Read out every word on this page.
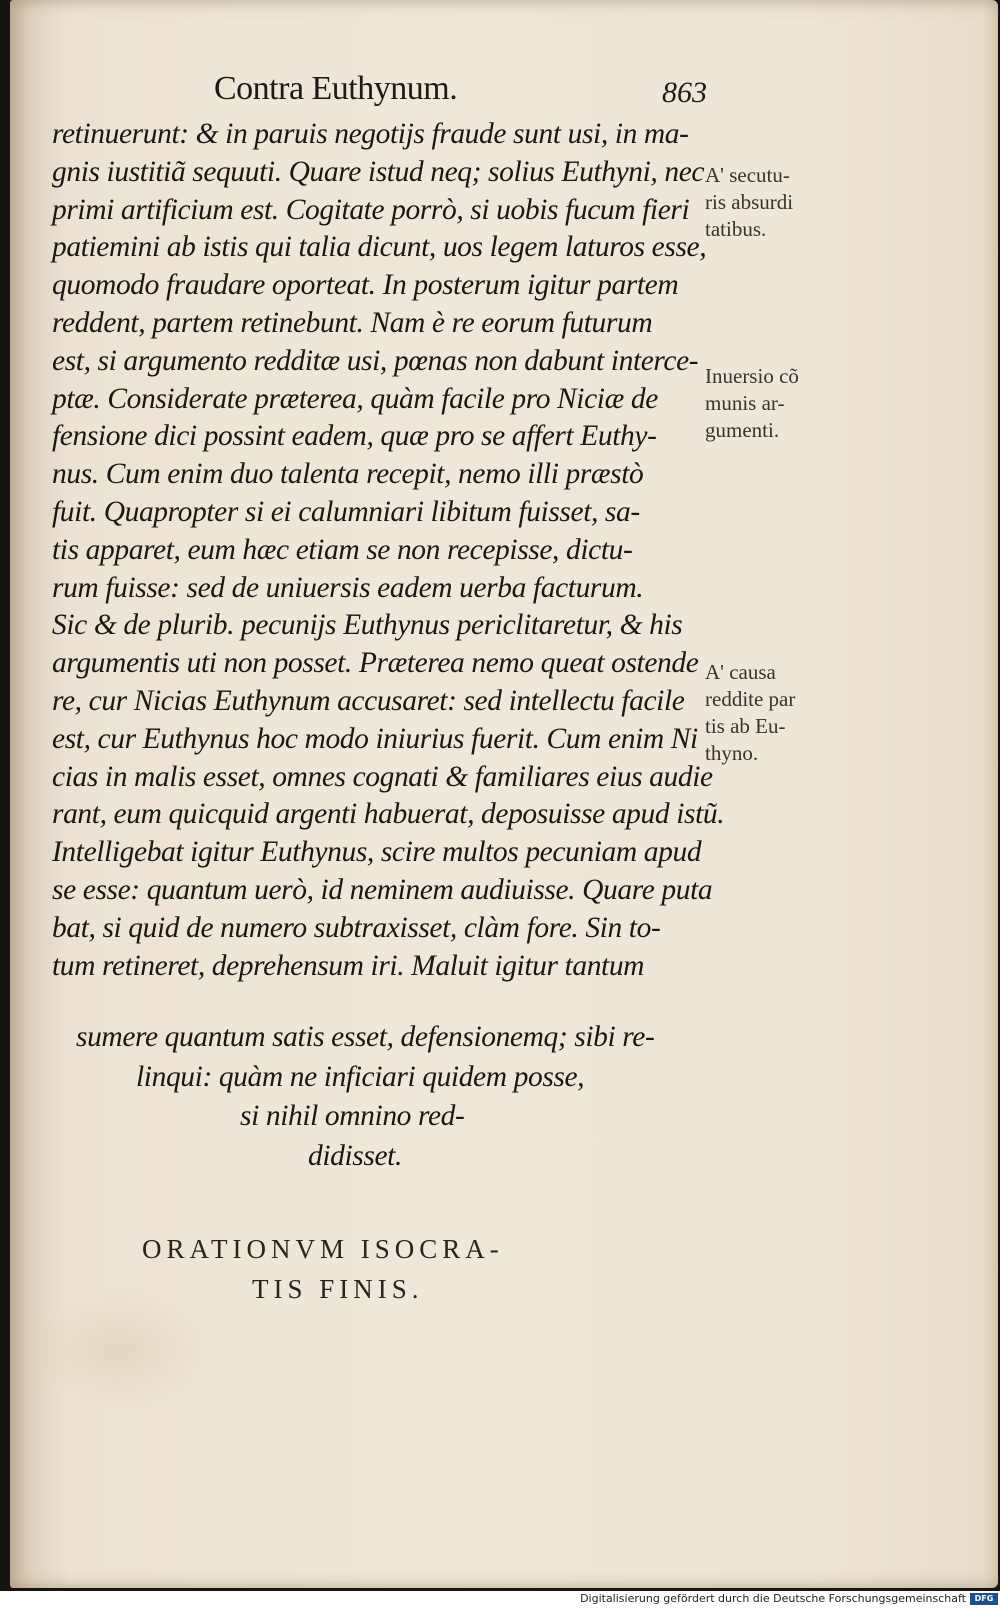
Contra Euthynum.	863
retinuerunt: & in paruis negotijs fraude sunt usi, in ma-
gnis iustitiã sequuti. Quare istud neq; solius Euthyni, nec
primi artificium est. Cogitate porrò, si uobis fucum fieri
patiemini ab istis qui talia dicunt, uos legem laturos esse,
quomodo fraudare oporteat. In posterum igitur partem
reddent, partem retinebunt. Nam è re eorum futurum
est, si argumento redditæ usi, pœnas non dabunt interce-
ptæ. Considerate præterea, quàm facile pro Niciæ de
fensione dici possint eadem, quæ pro se affert Euthy-
nus. Cum enim duo talenta recepit, nemo illi præstò
fuit. Quapropter si ei calumniari libitum fuisset, sa-
tis apparet, eum hæc etiam se non recepisse, dictu-
rum fuisse: sed de uniuersis eadem uerba facturum.
Sic & de plurib. pecunijs Euthynus periclitaretur, & his
argumentis uti non posset. Præterea nemo queat ostende
re, cur Nicias Euthynum accusaret: sed intellectu facile
est, cur Euthynus hoc modo iniurius fuerit. Cum enim Ni
cias in malis esset, omnes cognati & familiares eius audie
rant, eum quicquid argenti habuerat, deposuisse apud istũ.
Intelligebat igitur Euthynus, scire multos pecuniam apud
se esse: quantum uerò, id neminem audiuisse. Quare puta
bat, si quid de numero subtraxisset, clàm fore. Sin to-
tum retineret, deprehensum iri. Maluit igitur tantum
sumere quantum satis esset, defensionemq; sibi re-
linqui: quàm ne inficiari quidem posse,
si nihil omnino red-
didisset.
A' secutu-
ris absurdi
tatibus.
Inuersio cõ
munis ar-
gumenti.
A' causa
reddite par
tis ab Eu-
thyno.
ORATIONVM ISOCRA-
TIS FINIS.
Digitalisierung gefördert durch die Deutsche Forschungsgemeinschaft	DFG
